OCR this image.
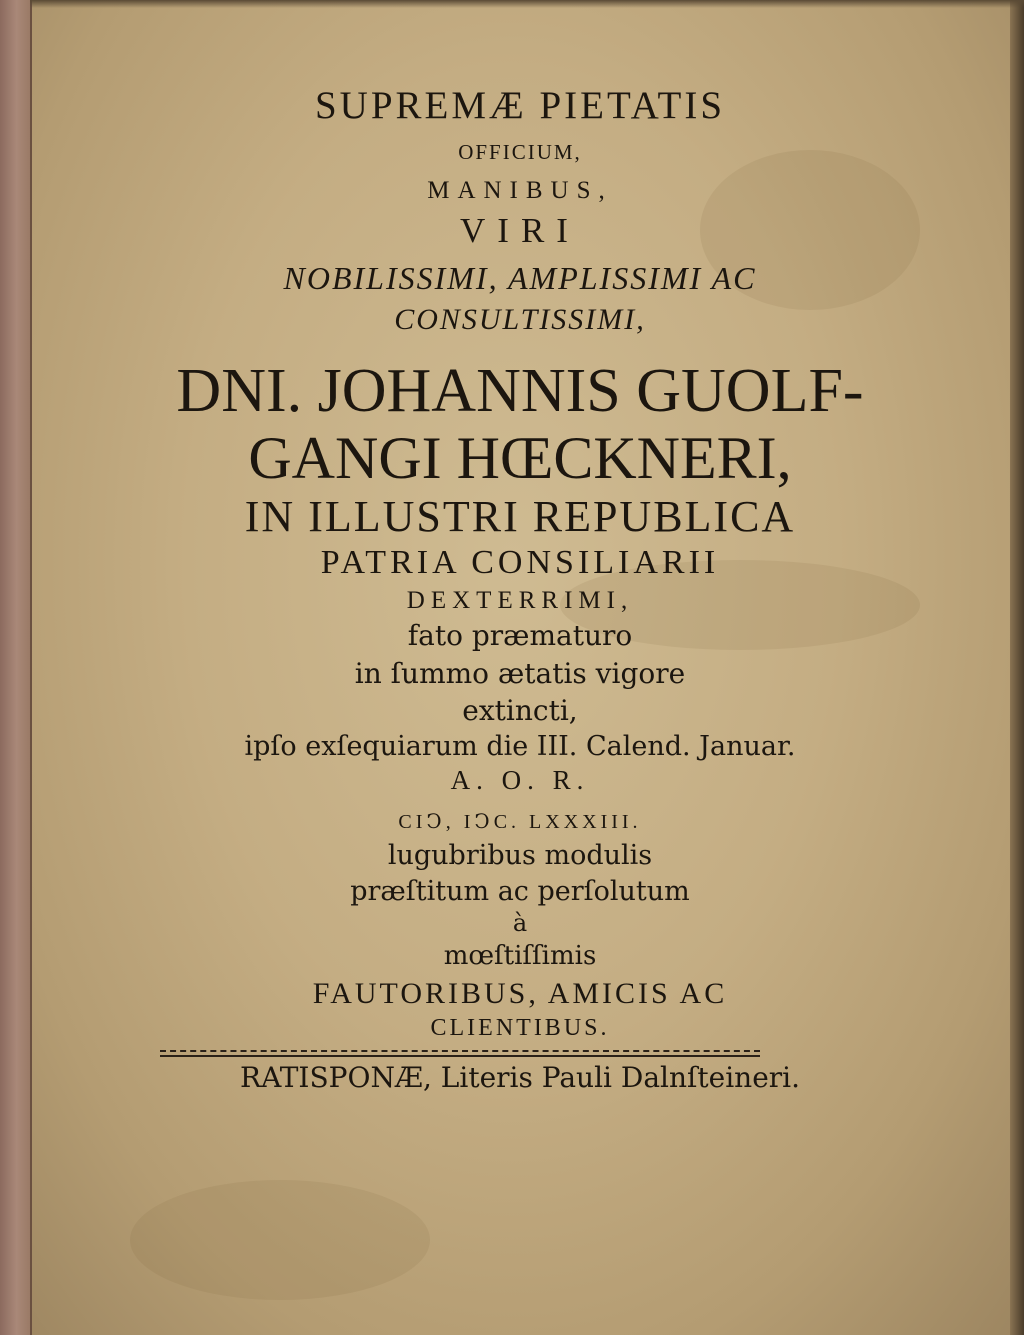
SUPREMÆ PIETATIS

OFFICIUM,

MANIBUS,

VIRI

NOBILISSIMI, AMPLISSIMI AC

CONSULTISSIMI,

DNI. JOHANNIS GUOLF-

GANGI HŒCKNERI,

IN ILLUSTRI REPUBLICA

PATRIA CONSILIARII

DEXTERRIMI,

fato præmaturo

in ſummo ætatis vigore

extincti,

ipſo exſequiarum die III. Calend. Januar.

A. O. R.

CIↃ, IↃC. LXXXIII.

lugubribus modulis

præſtitum ac perſolutum

à

mœſtiſſimis

FAUTORIBUS, AMICIS AC

CLIENTIBUS.

RATISPONÆ, Literis Pauli Dalnſteineri.
